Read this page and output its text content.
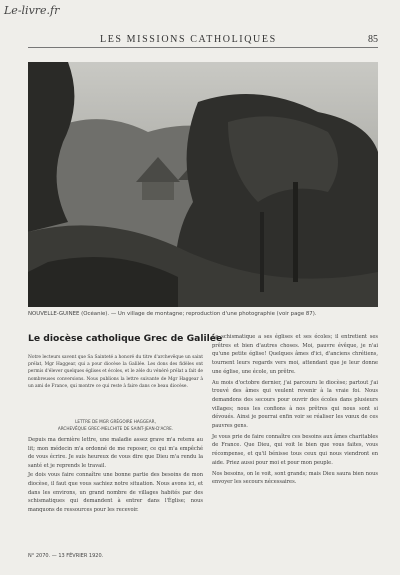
Le-livre.fr
LES MISSIONS CATHOLIQUES	85
NOUVELLE-GUINÉE (Océanie). — Un village de montagne; reproduction d'une photographie (voir page 87).
Le diocèse catholique Grec de Galilée

Notre lecteurs savent que Sa Sainteté a honoré du titre d'archevêque un saint prélat, Mgr Haggear, qui a pour diocèse la Galilée. Les dons des fidèles ont permis d'élever quelques églises et écoles, et le zèle du vénéré prélat a fait de nombreuses conversions. Nous publions la lettre suivante de Mgr Haggear à un ami de France, qui montre ce qui reste à faire dans ce beau diocèse.

LETTRE DE MGR GRÉGOIRE HAGGEAR,
ARCHEVÊQUE GREC-MELCHITE DE SAINT-JEAN-D'ACRE.

Depuis ma dernière lettre, une maladie assez grave m'a retenu au lit; mon médecin m'a ordonné de me reposer, ce qui m'a empêché de vous écrire. Je suis heureux de vous dire que Dieu m'a rendu la santé et je reprends le travail.

Je dois vous faire connaître une bonne partie des besoins de mon diocèse, il faut que vous sachiez notre situation. Nous avons ici, et dans les environs, un grand nombre de villages habités par des schismatiques qui demandent à entrer dans l'Église; nous manquons de ressources pour les recevoir.

Le schismatique a ses églises et ses écoles; il entretient ses prêtres et bien d'autres choses. Moi, pauvre évêque, je n'ai qu'une petite église! Quelques âmes d'ici, d'anciens chrétiens, tournent leurs regards vers moi, attendant que je leur donne une église, une école, un prêtre.

Au mois d'octobre dernier, j'ai parcouru le diocèse; partout j'ai trouvé des âmes qui veulent revenir à la vraie foi. Nous demandons des secours pour ouvrir des écoles dans plusieurs villages; nous les confions à nos prêtres qui nous sont si dévoués. Ainsi je pourrai enfin voir se réaliser les vœux de ces pauvres gens.

Je vous prie de faire connaître ces besoins aux âmes charitables de France. Que Dieu, qui voit le bien que vous faites, vous récompense, et qu'il bénisse tous ceux qui nous viendront en aide. Priez aussi pour moi et pour mon peuple.

Nos besoins, on le voit, sont grands; mais Dieu saura bien nous envoyer les secours nécessaires.

N° 2070. — 13 FÉVRIER 1920.
